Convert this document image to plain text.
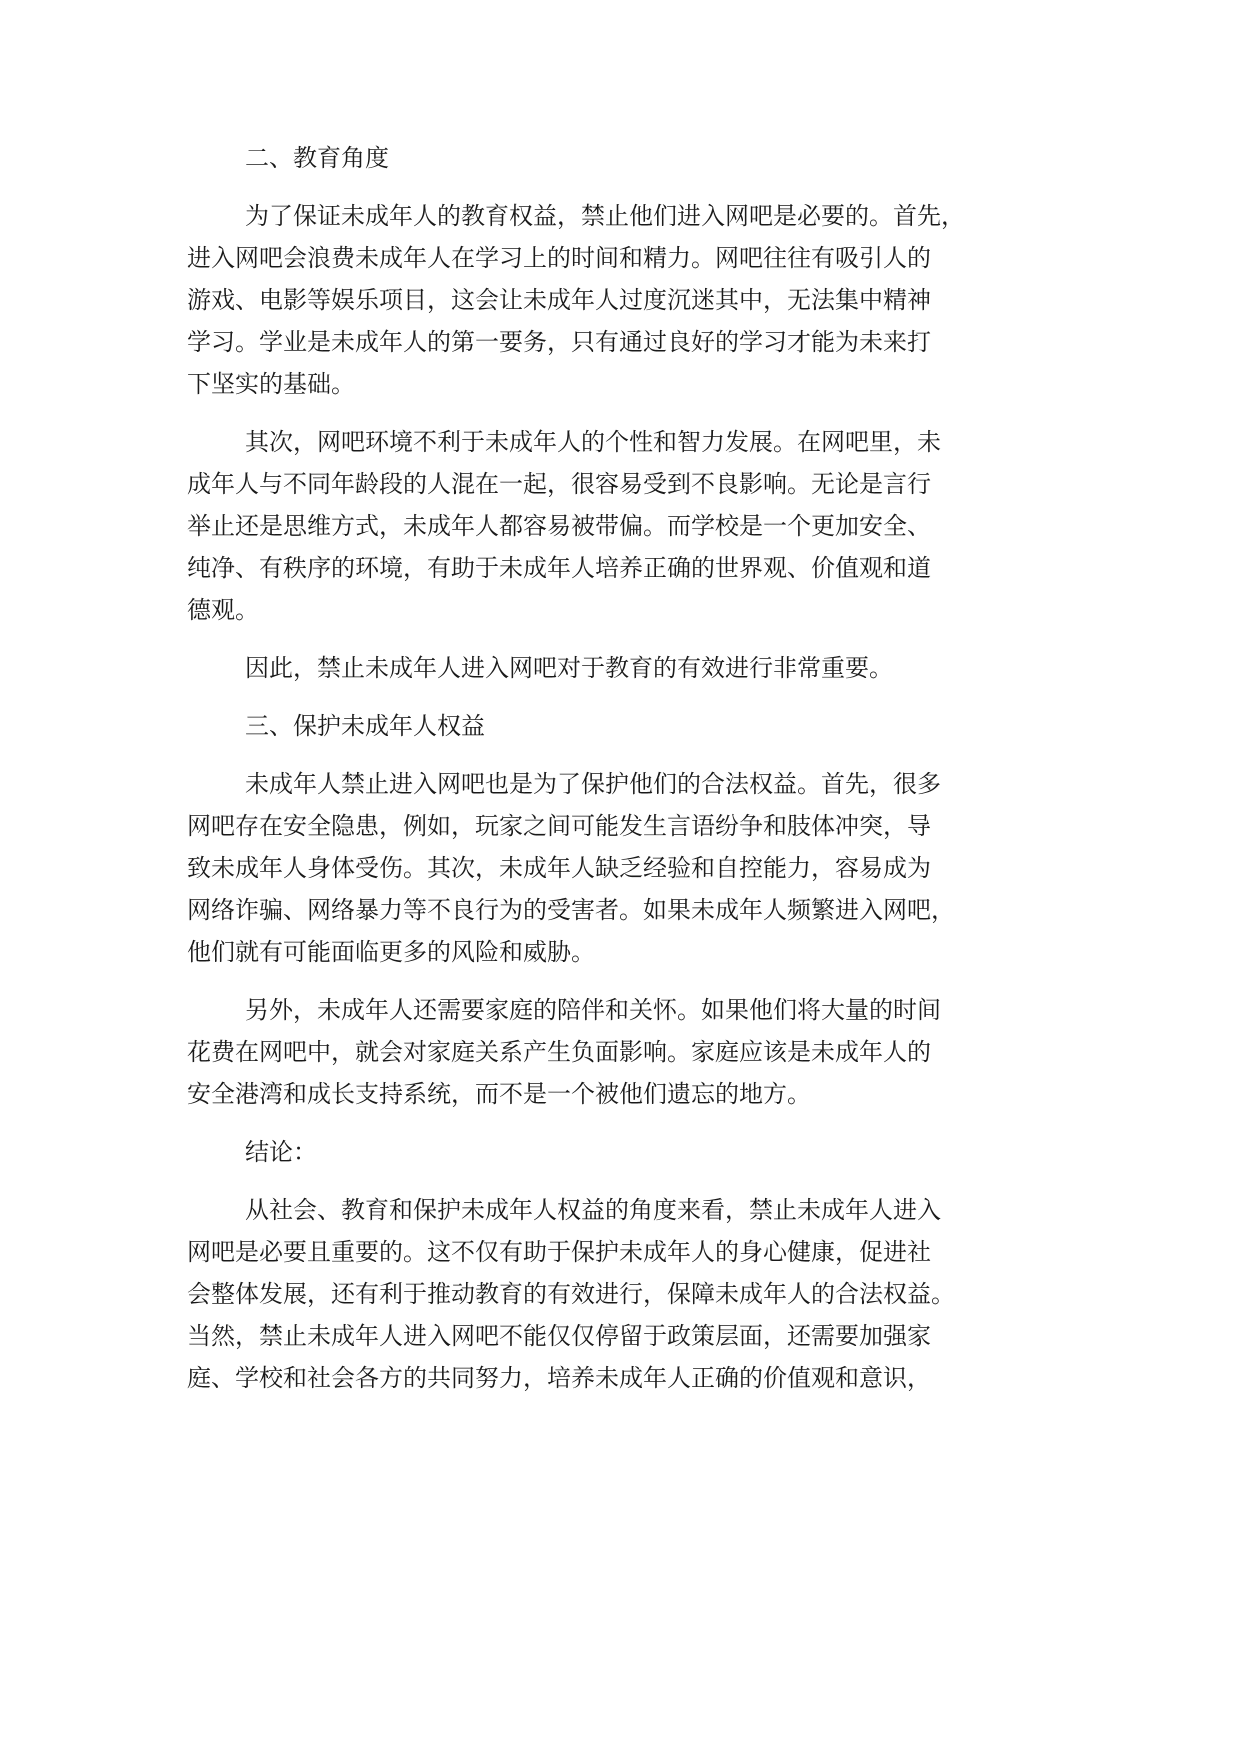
二、教育角度
为了保证未成年人的教育权益，禁止他们进入网吧是必要的。首先，
进入网吧会浪费未成年人在学习上的时间和精力。网吧往往有吸引人的
游戏、电影等娱乐项目，这会让未成年人过度沉迷其中，无法集中精神
学习。学业是未成年人的第一要务，只有通过良好的学习才能为未来打
下坚实的基础。
其次，网吧环境不利于未成年人的个性和智力发展。在网吧里，未
成年人与不同年龄段的人混在一起，很容易受到不良影响。无论是言行
举止还是思维方式，未成年人都容易被带偏。而学校是一个更加安全、
纯净、有秩序的环境，有助于未成年人培养正确的世界观、价值观和道
德观。
因此，禁止未成年人进入网吧对于教育的有效进行非常重要。
三、保护未成年人权益
未成年人禁止进入网吧也是为了保护他们的合法权益。首先，很多
网吧存在安全隐患，例如，玩家之间可能发生言语纷争和肢体冲突，导
致未成年人身体受伤。其次，未成年人缺乏经验和自控能力，容易成为
网络诈骗、网络暴力等不良行为的受害者。如果未成年人频繁进入网吧，
他们就有可能面临更多的风险和威胁。
另外，未成年人还需要家庭的陪伴和关怀。如果他们将大量的时间
花费在网吧中，就会对家庭关系产生负面影响。家庭应该是未成年人的
安全港湾和成长支持系统，而不是一个被他们遗忘的地方。
结论：
从社会、教育和保护未成年人权益的角度来看，禁止未成年人进入
网吧是必要且重要的。这不仅有助于保护未成年人的身心健康，促进社
会整体发展，还有利于推动教育的有效进行，保障未成年人的合法权益。
当然，禁止未成年人进入网吧不能仅仅停留于政策层面，还需要加强家
庭、学校和社会各方的共同努力，培养未成年人正确的价值观和意识，
